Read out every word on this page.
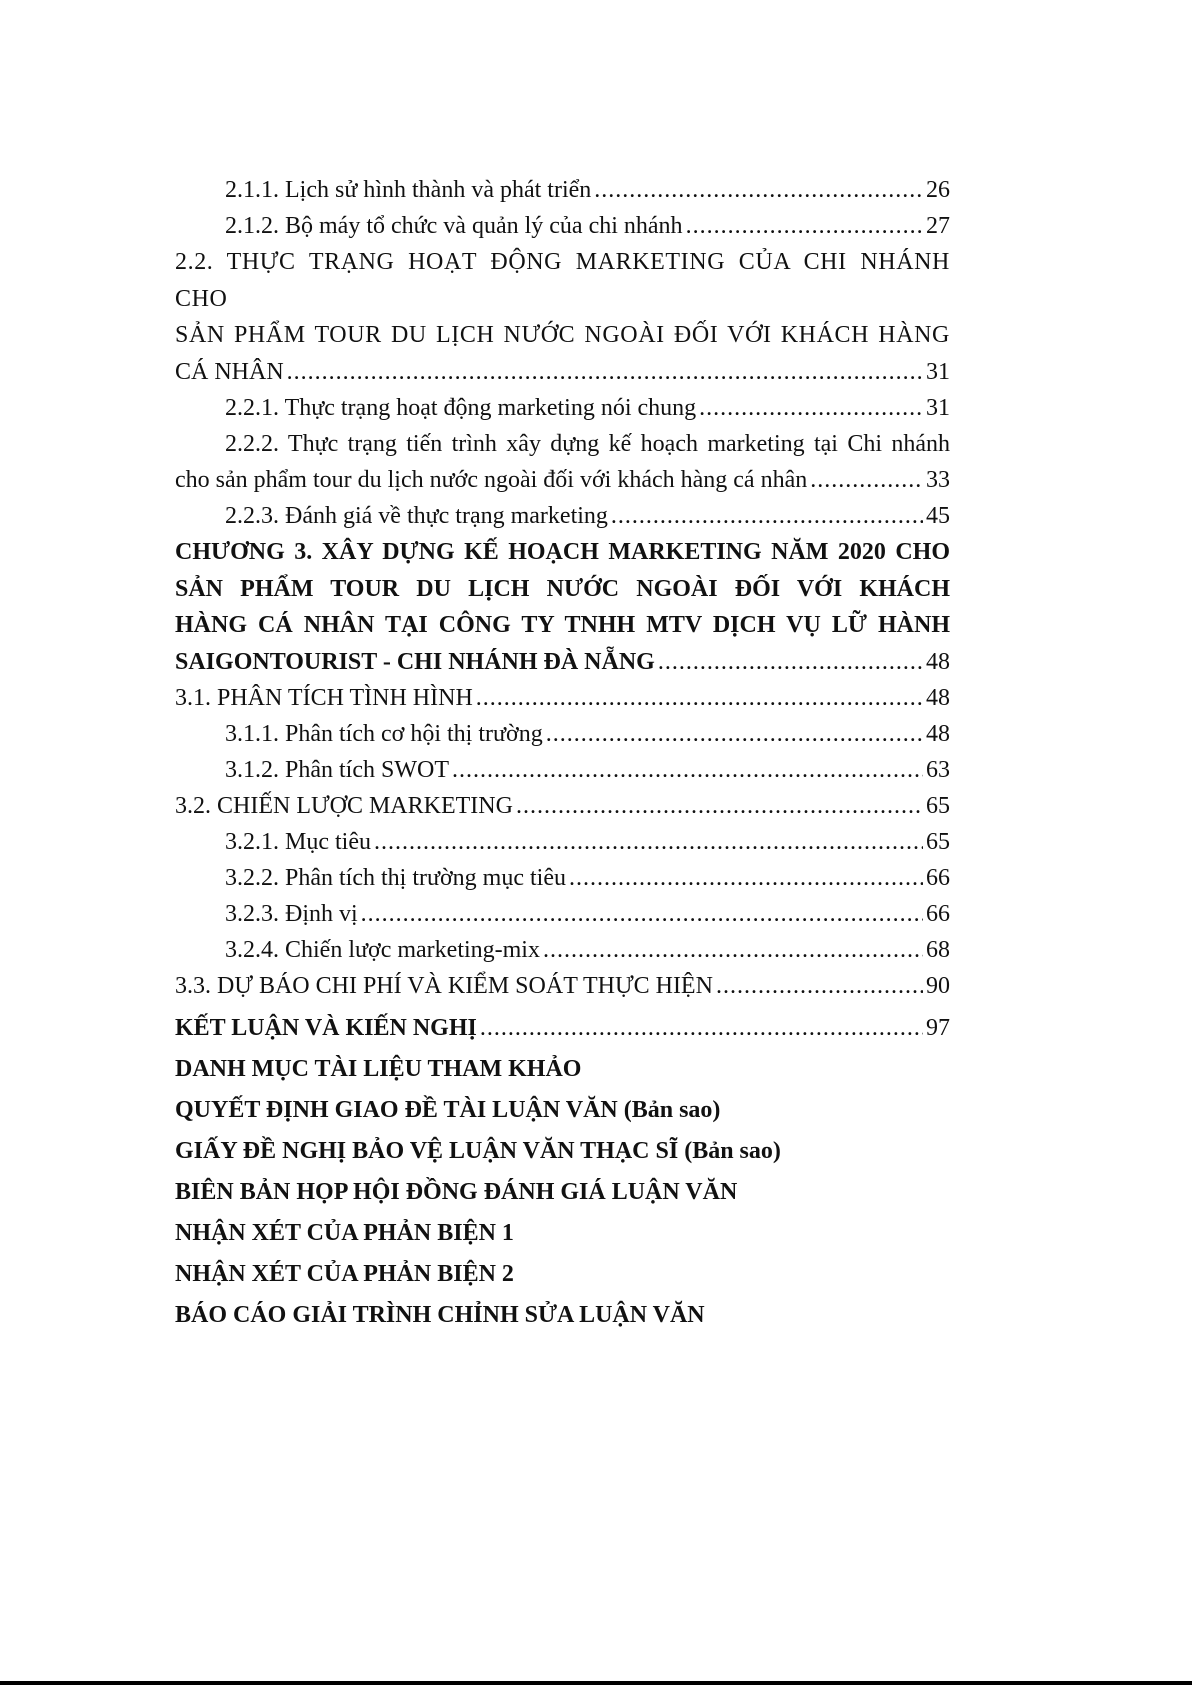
2.1.1. Lịch sử hình thành và phát triển .....	26
2.1.2. Bộ máy tổ chức và quản lý của chi nhánh .....	27
2.2. THỰC TRẠNG HOẠT ĐỘNG MARKETING CỦA CHI NHÁNH CHO
SẢN PHẨM TOUR DU LỊCH NƯỚC NGOÀI ĐỐI VỚI KHÁCH HÀNG
CÁ NHÂN .....	31
2.2.1. Thực trạng hoạt động marketing nói chung .....	31
2.2.2. Thực trạng tiến trình xây dựng kế hoạch marketing tại Chi nhánh
cho sản phẩm tour du lịch nước ngoài đối với khách hàng cá nhân .....	33
2.2.3. Đánh giá về thực trạng marketing .....	45
CHƯƠNG 3. XÂY DỰNG KẾ HOẠCH MARKETING NĂM 2020 CHO
SẢN PHẨM TOUR DU LỊCH NƯỚC NGOÀI ĐỐI VỚI KHÁCH
HÀNG CÁ NHÂN TẠI CÔNG TY TNHH MTV DỊCH VỤ LỮ HÀNH
SAIGONTOURIST - CHI NHÁNH ĐÀ NẴNG .....	48
3.1. PHÂN TÍCH TÌNH HÌNH .....	48
3.1.1. Phân tích cơ hội thị trường .....	48
3.1.2. Phân tích SWOT .....	63
3.2. CHIẾN LƯỢC MARKETING .....	65
3.2.1. Mục tiêu .....	65
3.2.2. Phân tích thị trường mục tiêu .....	66
3.2.3. Định vị .....	66
3.2.4. Chiến lược marketing-mix .....	68
3.3. DỰ BÁO CHI PHÍ VÀ KIỂM SOÁT THỰC HIỆN .....	90
KẾT LUẬN VÀ KIẾN NGHỊ .....	97
DANH MỤC TÀI LIỆU THAM KHẢO
QUYẾT ĐỊNH GIAO ĐỀ TÀI LUẬN VĂN (Bản sao)
GIẤY ĐỀ NGHỊ BẢO VỆ LUẬN VĂN THẠC SĨ (Bản sao)
BIÊN BẢN HỌP HỘI ĐỒNG ĐÁNH GIÁ LUẬN VĂN
NHẬN XÉT CỦA PHẢN BIỆN 1
NHẬN XÉT CỦA PHẢN BIỆN 2
BÁO CÁO GIẢI TRÌNH CHỈNH SỬA LUẬN VĂN
